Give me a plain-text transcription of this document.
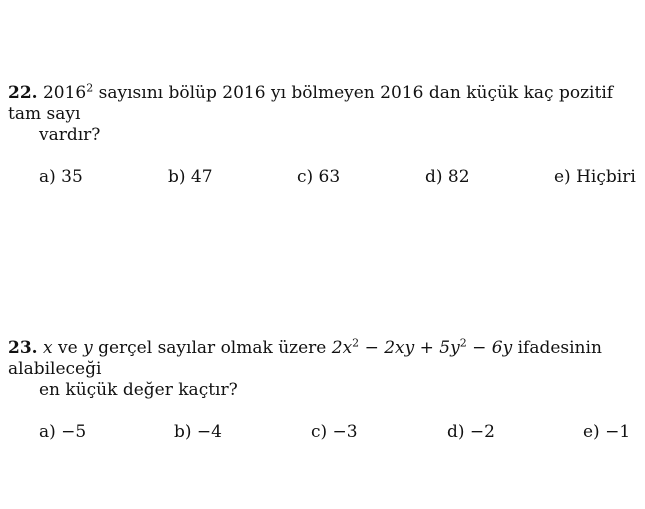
22. 2016$^2$ sayısını bölüp 2016 yı bölmeyen 2016 dan küçük kaç pozitif tam sayı
vardır?
a) 35	b) 47	c) 63	d) 82	e) Hiçbiri
23. x ve y gerçel sayılar olmak üzere $2x^2 - 2xy + 5y^2 - 6y$ ifadesinin alabileceği
en küçük değer kaçtır?
a) −5	b) −4	c) −3	d) −2	e) −1
